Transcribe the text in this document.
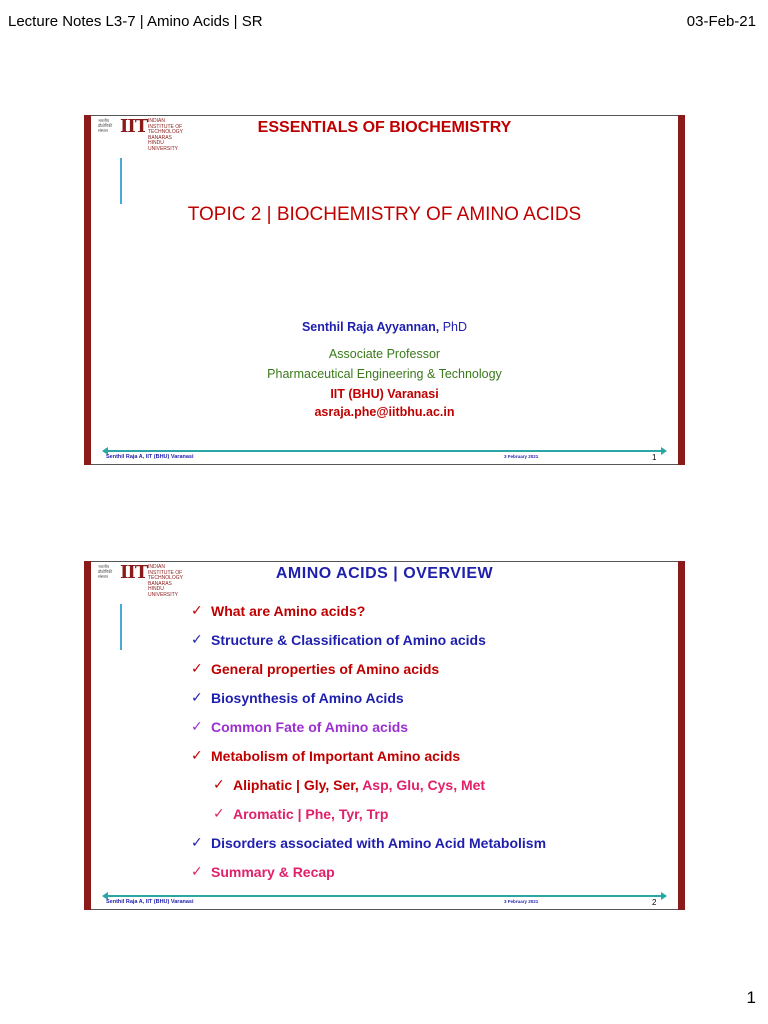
Lecture Notes L3-7 | Amino Acids | SR	03-Feb-21
भारतीय प्रौद्योगिकी संस्थान IIT INDIAN
INSTITUTE OF
TECHNOLOGY
BANARAS HINDU UNIVERSITY
ESSENTIALS OF BIOCHEMISTRY
TOPIC 2 | BIOCHEMISTRY OF AMINO ACIDS
Senthil Raja Ayyannan, PhD
Associate Professor
Pharmaceutical Engineering & Technology
IIT (BHU) Varanasi
asraja.phe@iitbhu.ac.in
Senthil Raja A, IIT (BHU) Varanasi	3 February 2021	1
भारतीय प्रौद्योगिकी संस्थान IIT INDIAN
INSTITUTE OF
TECHNOLOGY
BANARAS HINDU UNIVERSITY
AMINO ACIDS | OVERVIEW
✓ What are Amino acids?
✓ Structure & Classification of Amino acids
✓ General properties of Amino acids
✓ Biosynthesis of Amino Acids
✓ Common Fate of Amino acids
✓ Metabolism of Important Amino acids
✓ Aliphatic | Gly, Ser, Asp, Glu, Cys, Met
✓ Aromatic | Phe, Tyr, Trp
✓ Disorders associated with Amino Acid Metabolism
✓ Summary & Recap
Senthil Raja A, IIT (BHU) Varanasi	3 February 2021	2
1
